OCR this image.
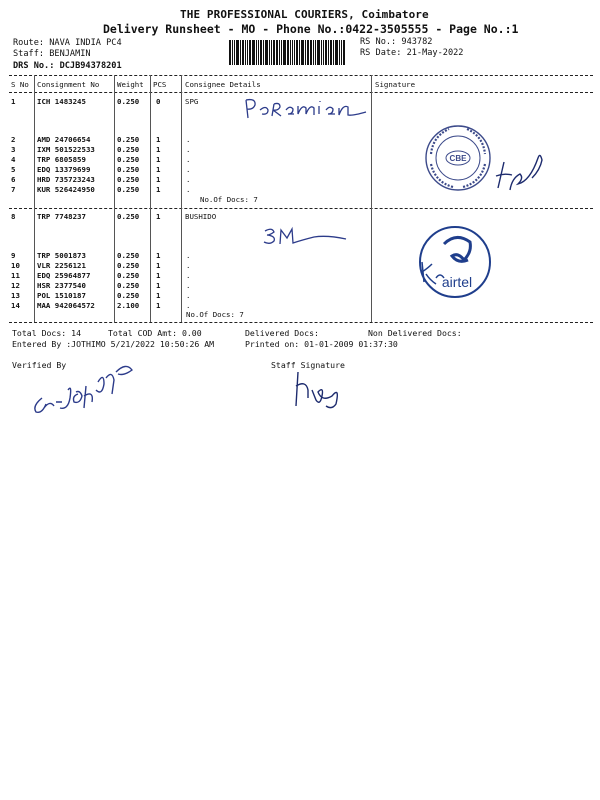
THE PROFESSIONAL COURIERS, Coimbatore
Delivery Runsheet - MO - Phone No.:0422-3505555 - Page No.:1
Route: NAVA INDIA PC4
Staff: BENJAMIN
DRS No.: DCJB94378201
RS No.: 943782
RS Date: 21-May-2022
S No Consignment No Weight PCS	Consignee Details	Signature
1	ICH 1483245	0.250 0	SPG
2	AMD 24706654	0.250 1	.
3	IXM 501522533	0.250 1	.
4	TRP 6805859	0.250 1	.
5	EDQ 13379699	0.250 1	.
6	HRD 735723243	0.250 1	.
7	KUR 526424950	0.250 1	.
No.Of Docs: 7
8	TRP 7748237	0.250 1	BUSHIDO
9	TRP 5001873	0.250 1	.
10 VLR 2256121	0.250 1	.
11 EDQ 25964877	0.250 1	.
12 HSR 2377540	0.250 1	.
13 POL 1510187	0.250 1	.
14 MAA 942064572	2.100 1	.
No.Of Docs: 7
CBE
airtel
Total Docs: 14	Total COD Amt: 0.00	Delivered Docs:	Non Delivered Docs:
Entered By :JOTHIMO 5/21/2022 10:50:26 AM	Printed on: 01-01-2009 01:37:30
Verified By	Staff Signature
